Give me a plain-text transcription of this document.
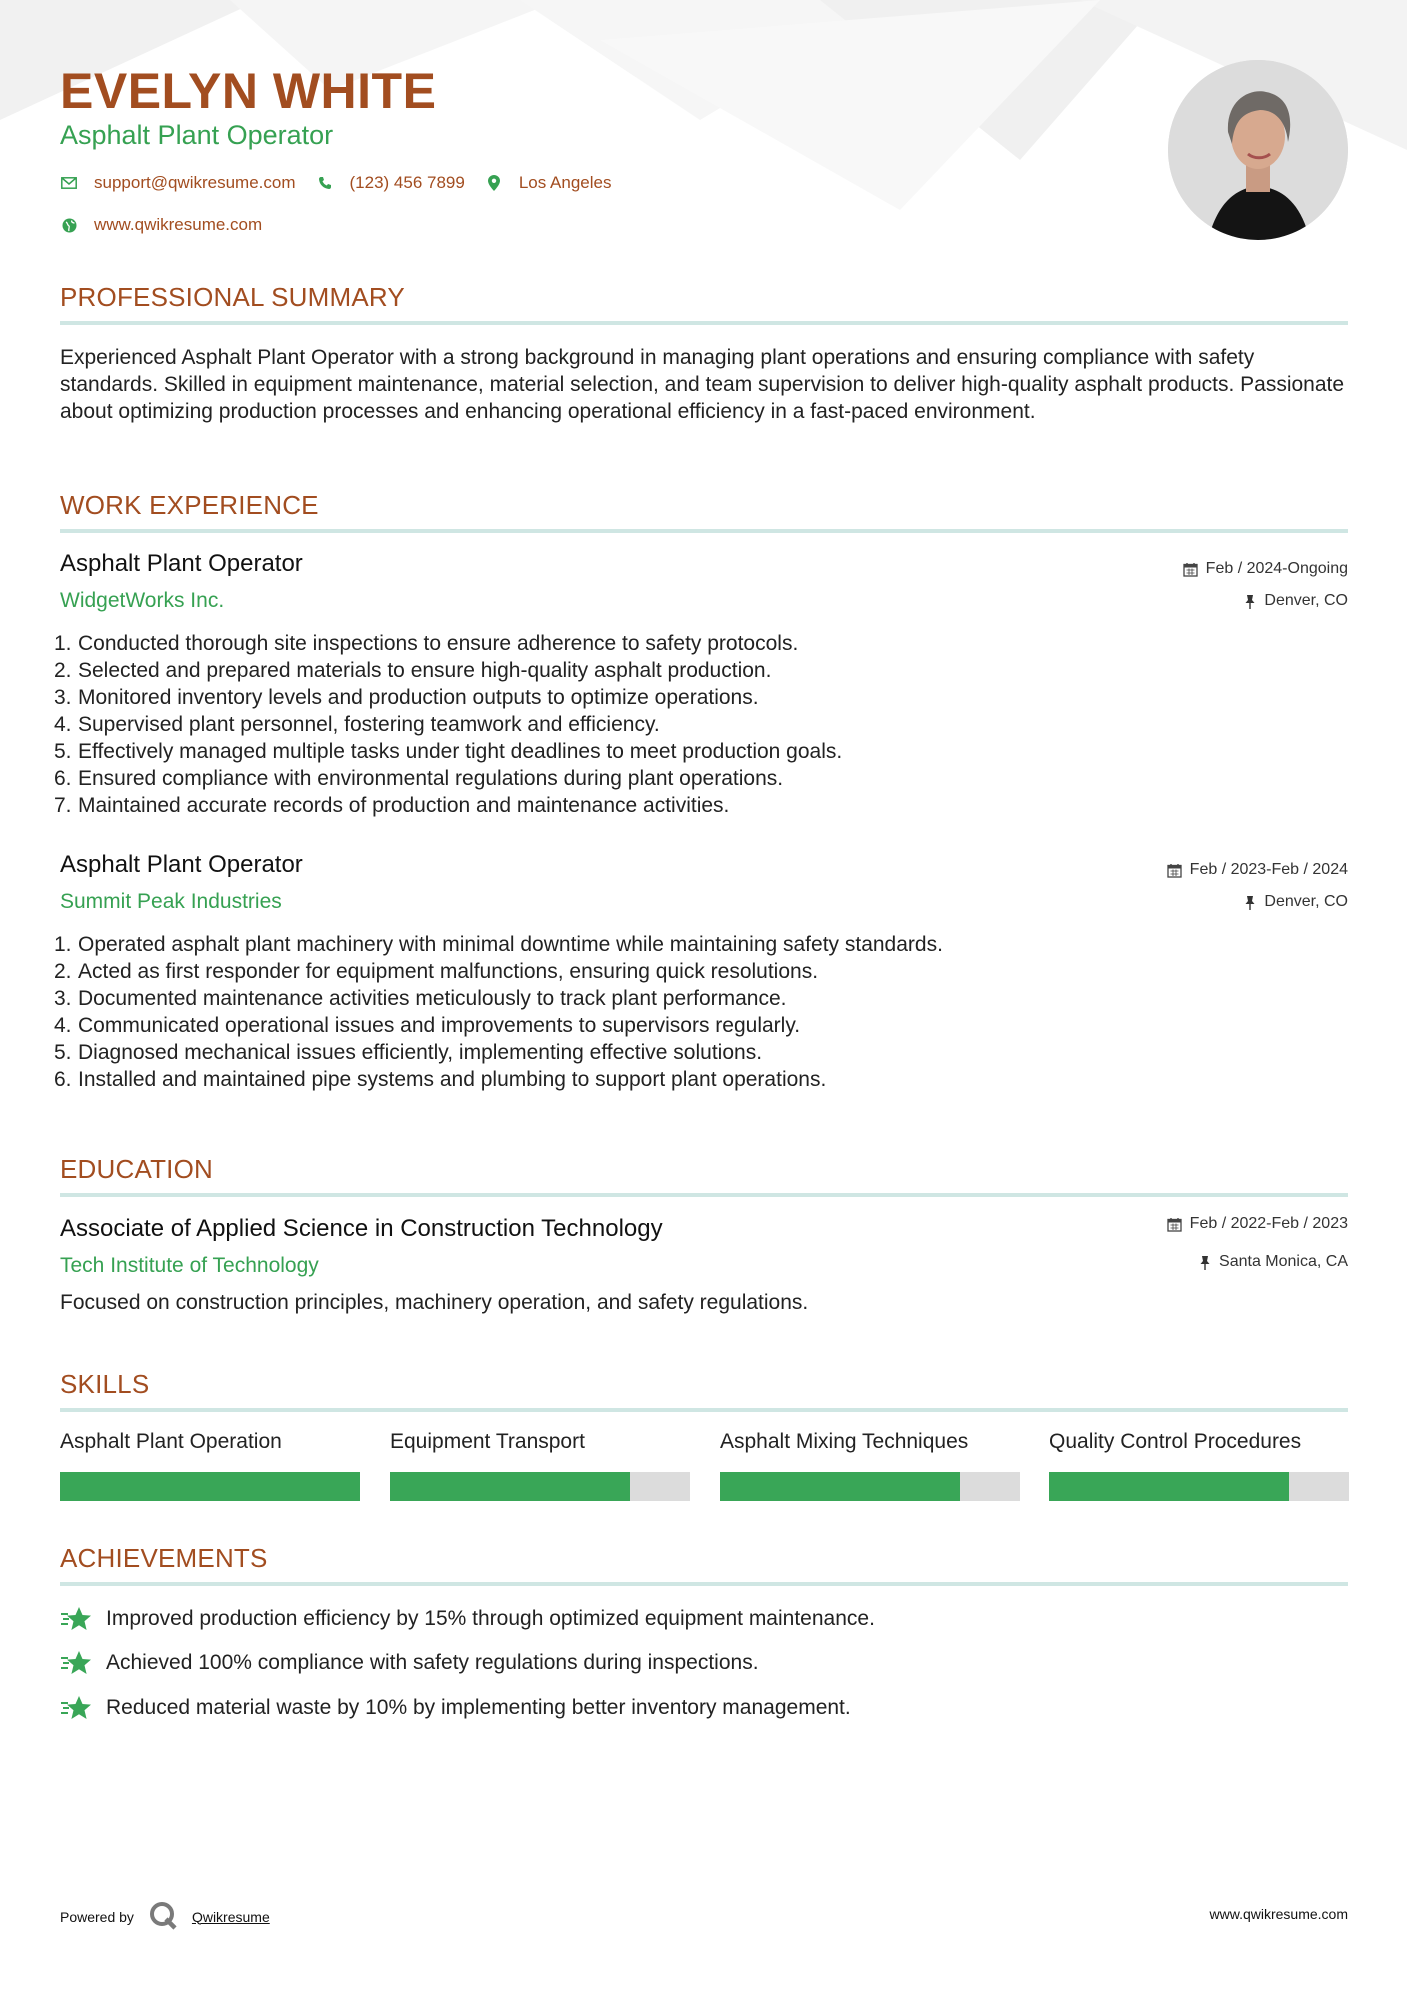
EVELYN WHITE
Asphalt Plant Operator
support@qwikresume.com	(123) 456 7899	Los Angeles
www.qwikresume.com
PROFESSIONAL SUMMARY
Experienced Asphalt Plant Operator with a strong background in managing plant operations and ensuring compliance with safety standards. Skilled in equipment maintenance, material selection, and team supervision to deliver high-quality asphalt products. Passionate about optimizing production processes and enhancing operational efficiency in a fast-paced environment.
WORK EXPERIENCE
Asphalt Plant Operator
WidgetWorks Inc.
Feb / 2024-Ongoing
Denver, CO
1. Conducted thorough site inspections to ensure adherence to safety protocols.
2. Selected and prepared materials to ensure high-quality asphalt production.
3. Monitored inventory levels and production outputs to optimize operations.
4. Supervised plant personnel, fostering teamwork and efficiency.
5. Effectively managed multiple tasks under tight deadlines to meet production goals.
6. Ensured compliance with environmental regulations during plant operations.
7. Maintained accurate records of production and maintenance activities.
Asphalt Plant Operator
Summit Peak Industries
Feb / 2023-Feb / 2024
Denver, CO
1. Operated asphalt plant machinery with minimal downtime while maintaining safety standards.
2. Acted as first responder for equipment malfunctions, ensuring quick resolutions.
3. Documented maintenance activities meticulously to track plant performance.
4. Communicated operational issues and improvements to supervisors regularly.
5. Diagnosed mechanical issues efficiently, implementing effective solutions.
6. Installed and maintained pipe systems and plumbing to support plant operations.
EDUCATION
Associate of Applied Science in Construction Technology
Tech Institute of Technology
Feb / 2022-Feb / 2023
Santa Monica, CA
Focused on construction principles, machinery operation, and safety regulations.
SKILLS
Asphalt Plant Operation	Equipment Transport	Asphalt Mixing Techniques	Quality Control Procedures
ACHIEVEMENTS
Improved production efficiency by 15% through optimized equipment maintenance.
Achieved 100% compliance with safety regulations during inspections.
Reduced material waste by 10% by implementing better inventory management.
Powered by	Qwikresume	www.qwikresume.com
